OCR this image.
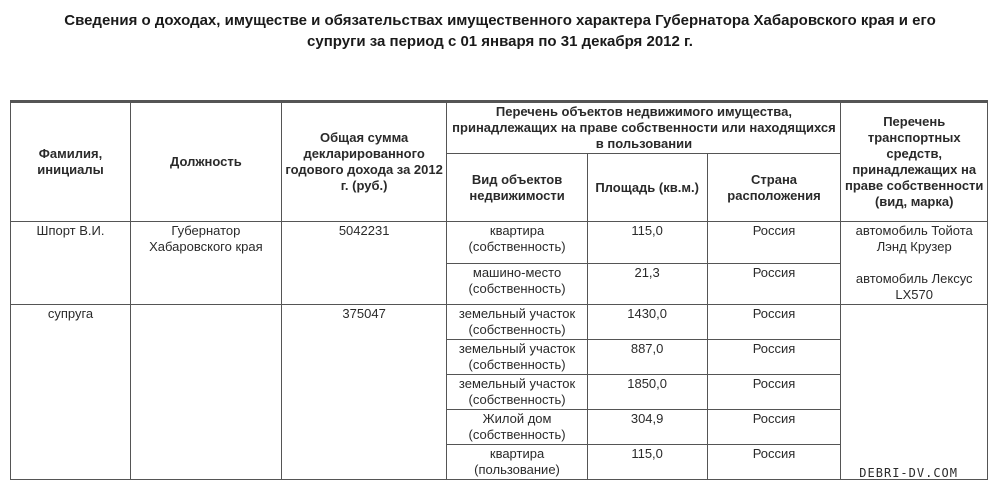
Сведения о доходах, имуществе и обязательствах имущественного характера Губернатора Хабаровского края и его
супруги за период с 01 января по 31 декабря 2012 г.
Фамилия, инициалы	Должность	Общая сумма декларированного годового дохода за 2012 г. (руб.)	Перечень объектов недвижимого имущества, принадлежащих на праве собственности или находящихся в пользовании			Перечень транспортных средств, принадлежащих на праве собственности (вид, марка)
			Вид объектов недвижимости	Площадь (кв.м.)	Страна расположения	
Шпорт В.И.	Губернатор Хабаровского края	5042231	квартира (собственность)	115,0	Россия	автомобиль Тойота Лэнд Крузер
автомобиль Лексус LX570

			машино-место (собственность)	21,3	Россия	
супруга		375047	земельный участок (собственность)	1430,0	Россия	
			земельный участок (собственность)	887,0	Россия	
			земельный участок (собственность)	1850,0	Россия	
			Жилой дом (собственность)	304,9	Россия	
			квартира (пользование)	115,0	Россия	
DEBRI-DV.COM
